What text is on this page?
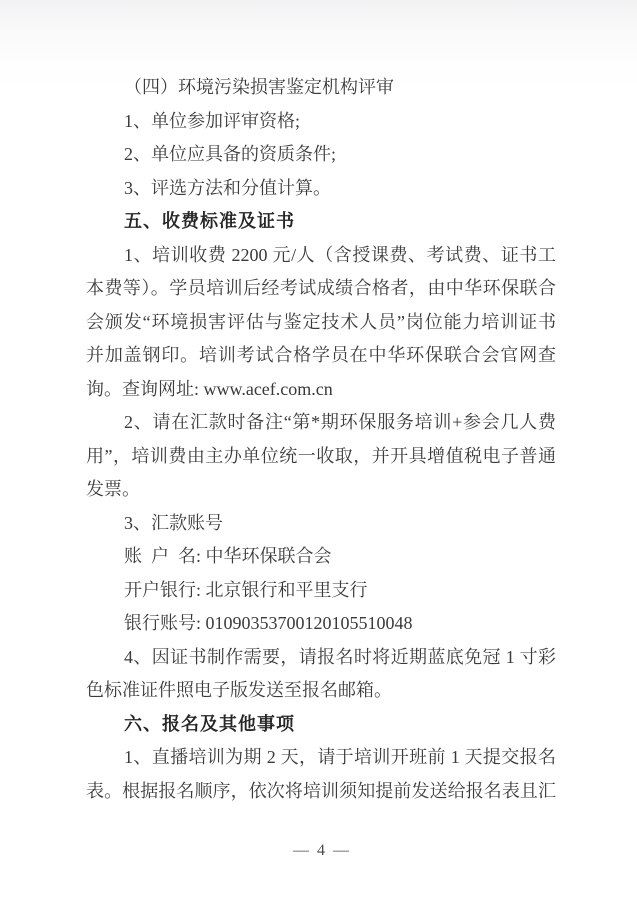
（四）环境污染损害鉴定机构评审
1、单位参加评审资格;
2、单位应具备的资质条件;
3、评选方法和分值计算。
五、收费标准及证书
1、培训收费 2200 元/人（含授课费、考试费、证书工
本费等）。学员培训后经考试成绩合格者，由中华环保联合
会颁发“环境损害评估与鉴定技术人员”岗位能力培训证书
并加盖钢印。培训考试合格学员在中华环保联合会官网查
询。查询网址: www.acef.com.cn
2、请在汇款时备注“第*期环保服务培训+参会几人费
用”，培训费由主办单位统一收取，并开具增值税电子普通
发票。
3、汇款账号
账 户 名: 中华环保联合会
开户银行: 北京银行和平里支行
银行账号: 01090353700120105510048
4、因证书制作需要，请报名时将近期蓝底免冠 1 寸彩
色标准证件照电子版发送至报名邮箱。
六、报名及其他事项
1、直播培训为期 2 天，请于培训开班前 1 天提交报名
表。根据报名顺序，依次将培训须知提前发送给报名表且汇
— 4 —
